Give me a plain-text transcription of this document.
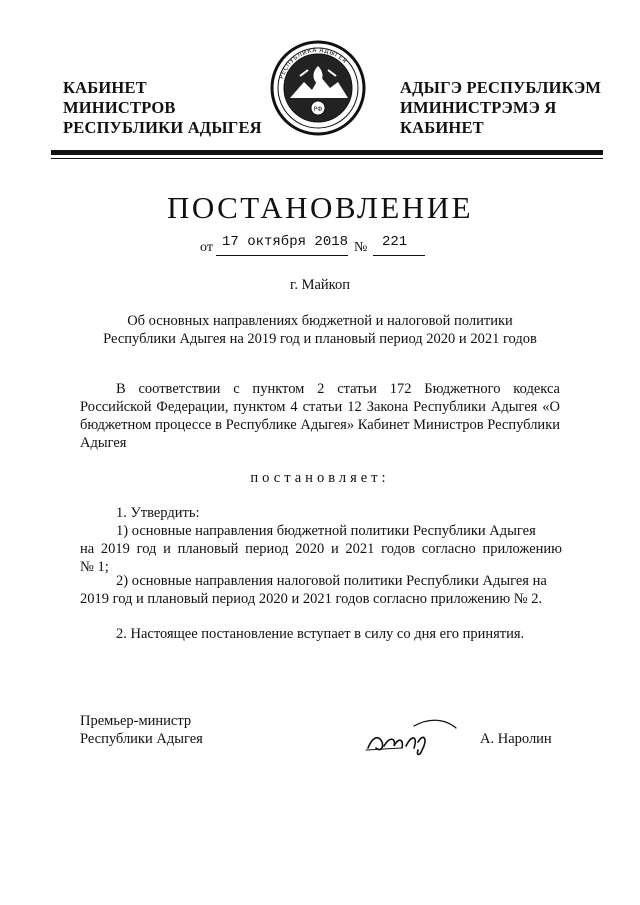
КАБИНЕТ МИНИСТРОВ
РЕСПУБЛИКИ АДЫГЕЯ
РФ
РЕСПУБЛИКА АДЫГЕЯ
АДЫГЭ РЕСПУБЛИКЭМ
ИМИНИСТРЭМЭ Я КАБИНЕТ
ПОСТАНОВЛЕНИЕ
от 17 октября 2018 № 221
г. Майкоп
Об основных направлениях бюджетной и налоговой политики
Республики Адыгея на 2019 год и плановый период 2020 и 2021 годов
В соответствии с пунктом 2 статьи 172 Бюджетного кодекса Российской Федерации, пунктом 4 статьи 12 Закона Республики Адыгея «О бюджетном процессе в Республике Адыгея» Кабинет Министров Республики Адыгея
постановляет:
1. Утвердить:
1) основные направления бюджетной политики Республики Адыгея
на 2019 год и плановый период 2020 и 2021 годов согласно приложению
№ 1;
2) основные направления налоговой политики Республики Адыгея на
2019 год и плановый период 2020 и 2021 годов согласно приложению № 2.
2. Настоящее постановление вступает в силу со дня его принятия.
Премьер-министр
Республики Адыгея	А. Наролин
